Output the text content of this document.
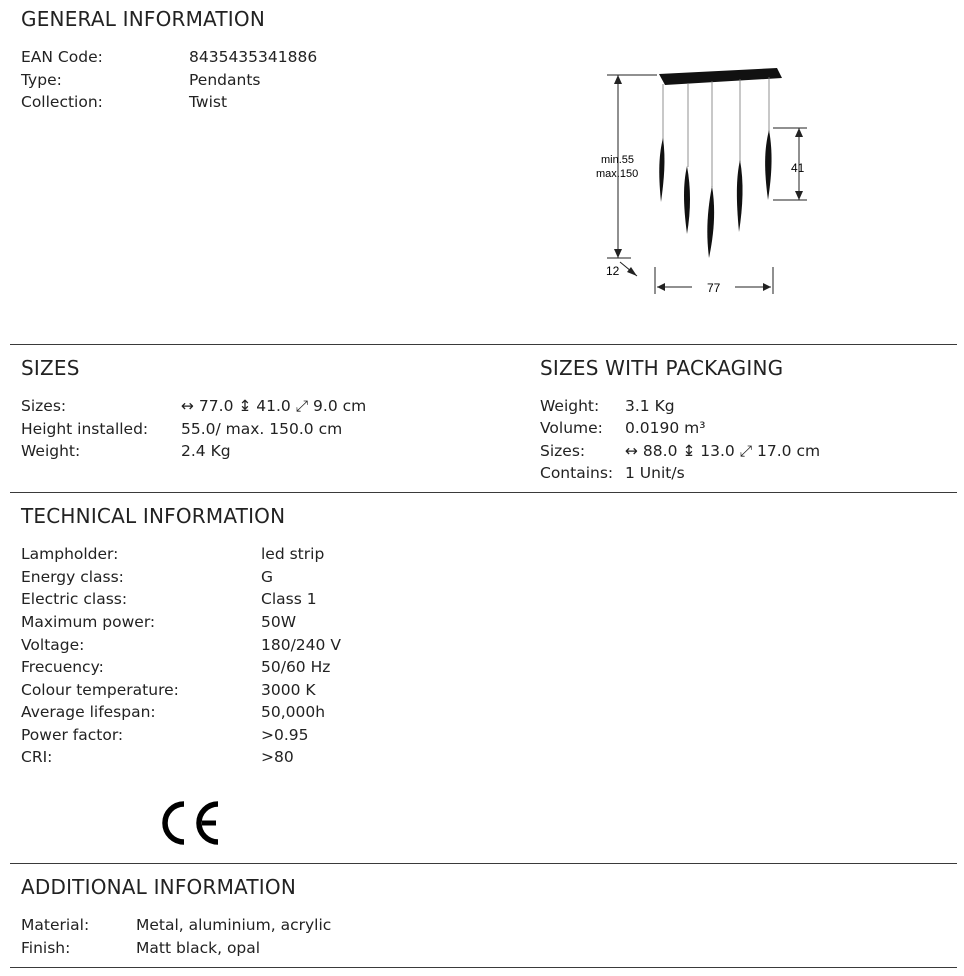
GENERAL INFORMATION
EAN Code:	8435435341886
Type:	Pendants
Collection:	Twist
min.55
max.150	41
12
77
SIZES
Sizes:	↔ 77.0 ↨ 41.0 ⤢ 9.0 cm
Height installed: 55.0/ max. 150.0 cm
Weight:	2.4 Kg
SIZES WITH PACKAGING
Weight: 3.1 Kg
Volume: 0.0190 m³
Sizes:	↔ 88.0 ↨ 13.0 ⤢ 17.0 cm
Contains: 1 Unit/s
TECHNICAL INFORMATION
Lampholder:	led strip
Energy class:	G
Electric class:	Class 1
Maximum power:	50W
Voltage:	180/240 V
Frecuency:	50/60 Hz
Colour temperature:	3000 K
Average lifespan:	50,000h
Power factor:	>0.95
CRI:	>80
ADDITIONAL INFORMATION
Material:	Metal, aluminium, acrylic
Finish:	Matt black, opal
